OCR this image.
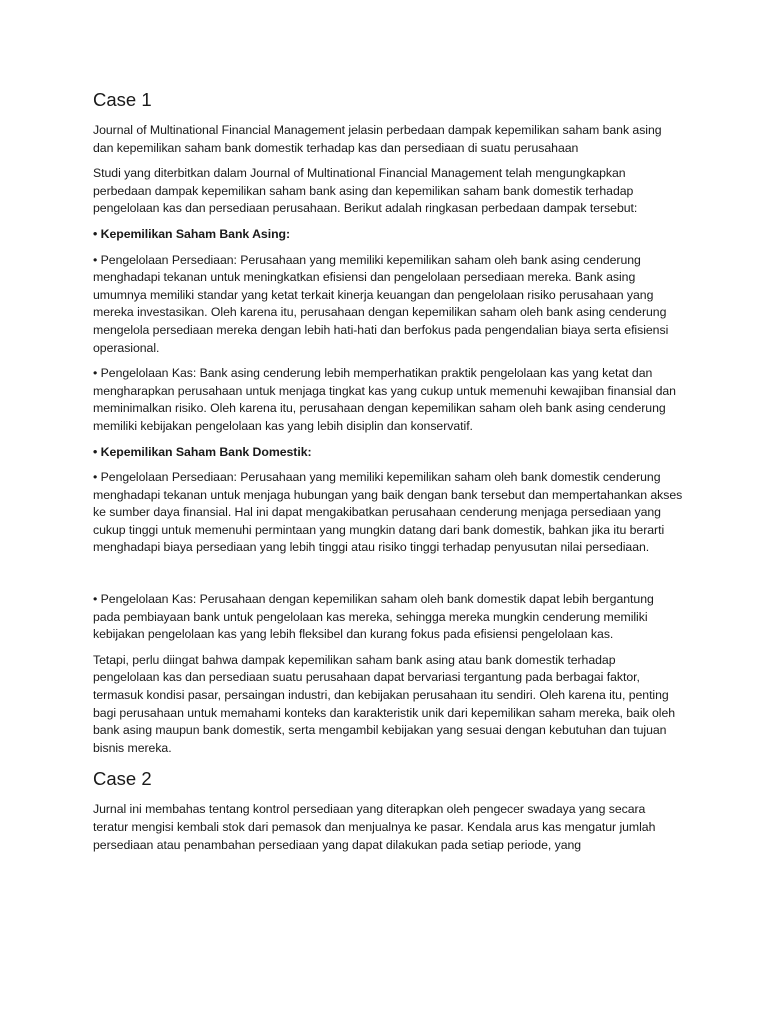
Case 1

Journal of Multinational Financial Management jelasin perbedaan dampak kepemilikan saham bank asing dan kepemilikan saham bank domestik terhadap kas dan persediaan di suatu perusahaan

Studi yang diterbitkan dalam Journal of Multinational Financial Management telah mengungkapkan perbedaan dampak kepemilikan saham bank asing dan kepemilikan saham bank domestik terhadap pengelolaan kas dan persediaan perusahaan. Berikut adalah ringkasan perbedaan dampak tersebut:

• Kepemilikan Saham Bank Asing:

• Pengelolaan Persediaan: Perusahaan yang memiliki kepemilikan saham oleh bank asing cenderung menghadapi tekanan untuk meningkatkan efisiensi dan pengelolaan persediaan mereka. Bank asing umumnya memiliki standar yang ketat terkait kinerja keuangan dan pengelolaan risiko perusahaan yang mereka investasikan. Oleh karena itu, perusahaan dengan kepemilikan saham oleh bank asing cenderung mengelola persediaan mereka dengan lebih hati-hati dan berfokus pada pengendalian biaya serta efisiensi operasional.

• Pengelolaan Kas: Bank asing cenderung lebih memperhatikan praktik pengelolaan kas yang ketat dan mengharapkan perusahaan untuk menjaga tingkat kas yang cukup untuk memenuhi kewajiban finansial dan meminimalkan risiko. Oleh karena itu, perusahaan dengan kepemilikan saham oleh bank asing cenderung memiliki kebijakan pengelolaan kas yang lebih disiplin dan konservatif.

• Kepemilikan Saham Bank Domestik:

• Pengelolaan Persediaan: Perusahaan yang memiliki kepemilikan saham oleh bank domestik cenderung menghadapi tekanan untuk menjaga hubungan yang baik dengan bank tersebut dan mempertahankan akses ke sumber daya finansial. Hal ini dapat mengakibatkan perusahaan cenderung menjaga persediaan yang cukup tinggi untuk memenuhi permintaan yang mungkin datang dari bank domestik, bahkan jika itu berarti menghadapi biaya persediaan yang lebih tinggi atau risiko tinggi terhadap penyusutan nilai persediaan.

• Pengelolaan Kas: Perusahaan dengan kepemilikan saham oleh bank domestik dapat lebih bergantung pada pembiayaan bank untuk pengelolaan kas mereka, sehingga mereka mungkin cenderung memiliki kebijakan pengelolaan kas yang lebih fleksibel dan kurang fokus pada efisiensi pengelolaan kas.

Tetapi, perlu diingat bahwa dampak kepemilikan saham bank asing atau bank domestik terhadap pengelolaan kas dan persediaan suatu perusahaan dapat bervariasi tergantung pada berbagai faktor, termasuk kondisi pasar, persaingan industri, dan kebijakan perusahaan itu sendiri. Oleh karena itu, penting bagi perusahaan untuk memahami konteks dan karakteristik unik dari kepemilikan saham mereka, baik oleh bank asing maupun bank domestik, serta mengambil kebijakan yang sesuai dengan kebutuhan dan tujuan bisnis mereka.

Case 2

Jurnal ini membahas tentang kontrol persediaan yang diterapkan oleh pengecer swadaya yang secara teratur mengisi kembali stok dari pemasok dan menjualnya ke pasar. Kendala arus kas mengatur jumlah persediaan atau penambahan persediaan yang dapat dilakukan pada setiap periode, yang
